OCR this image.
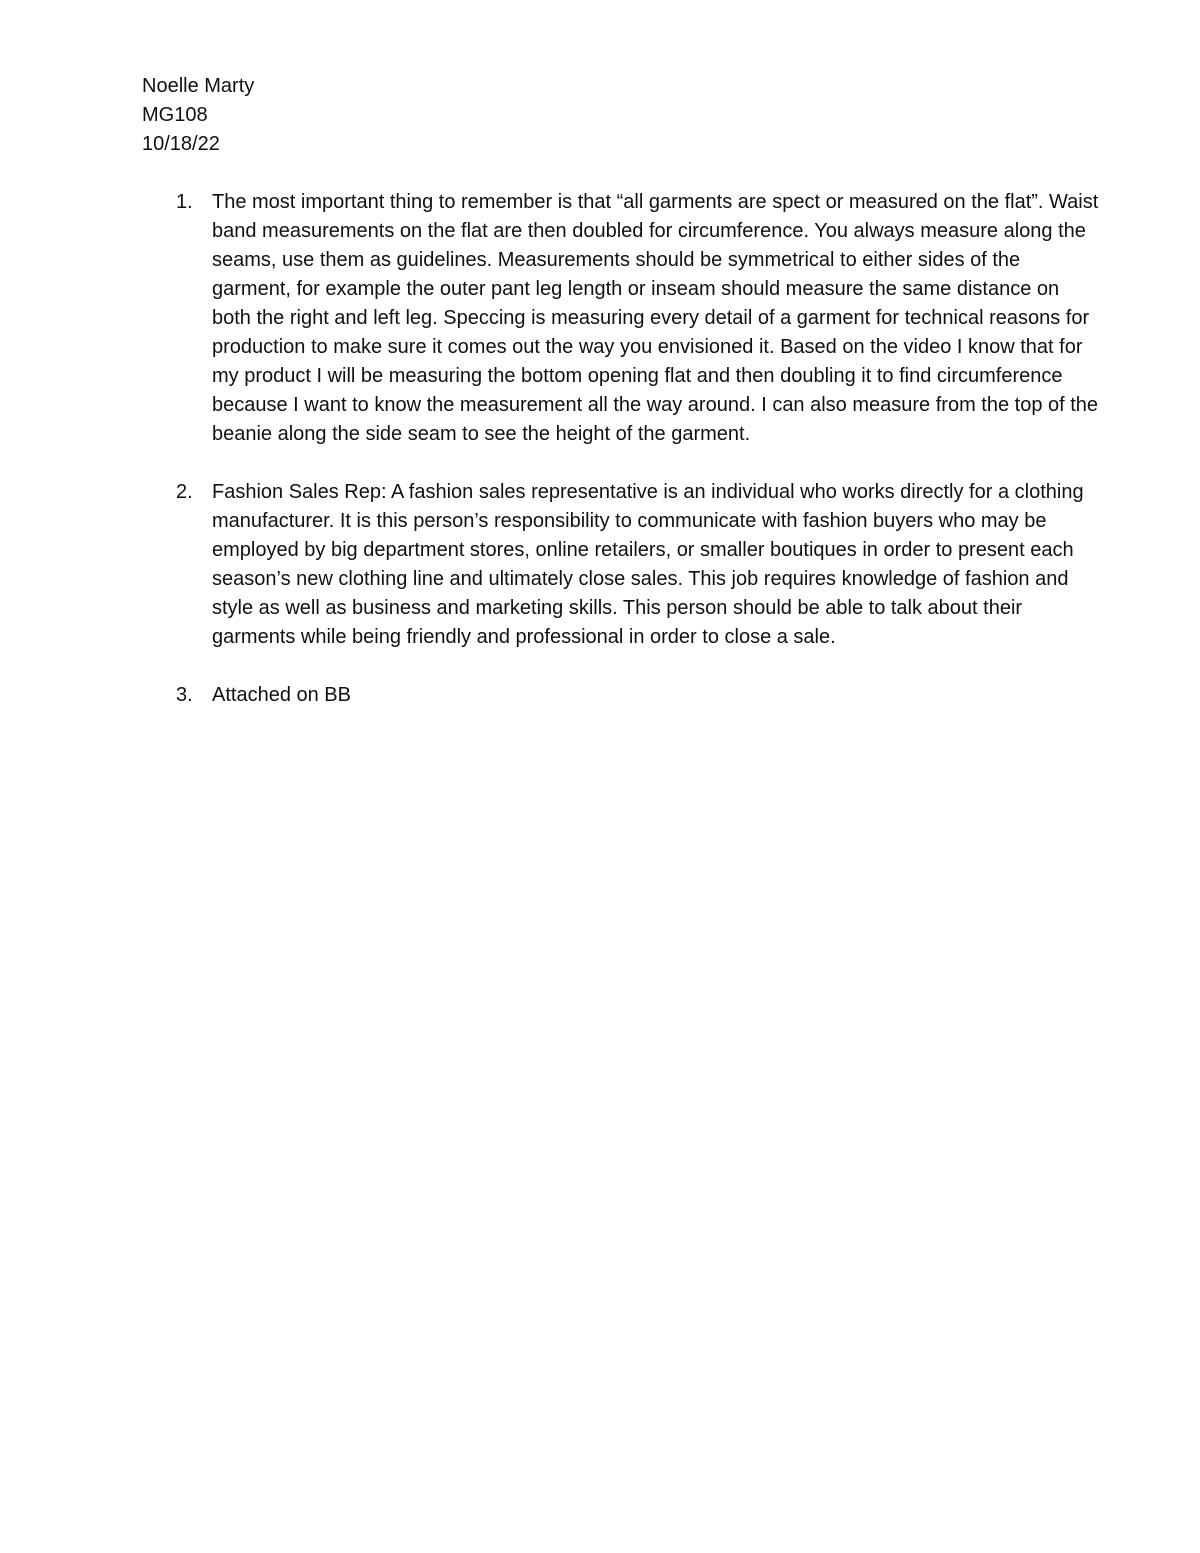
Noelle Marty
MG108
10/18/22
1. The most important thing to remember is that “all garments are spect or measured on the flat”. Waist band measurements on the flat are then doubled for circumference. You always measure along the seams, use them as guidelines. Measurements should be symmetrical to either sides of the garment, for example the outer pant leg length or inseam should measure the same distance on both the right and left leg. Speccing is measuring every detail of a garment for technical reasons for production to make sure it comes out the way you envisioned it. Based on the video I know that for my product I will be measuring the bottom opening flat and then doubling it to find circumference because I want to know the measurement all the way around. I can also measure from the top of the beanie along the side seam to see the height of the garment.
2. Fashion Sales Rep: A fashion sales representative is an individual who works directly for a clothing manufacturer. It is this person’s responsibility to communicate with fashion buyers who may be employed by big department stores, online retailers, or smaller boutiques in order to present each season’s new clothing line and ultimately close sales. This job requires knowledge of fashion and style as well as business and marketing skills. This person should be able to talk about their garments while being friendly and professional in order to close a sale.
3. Attached on BB
